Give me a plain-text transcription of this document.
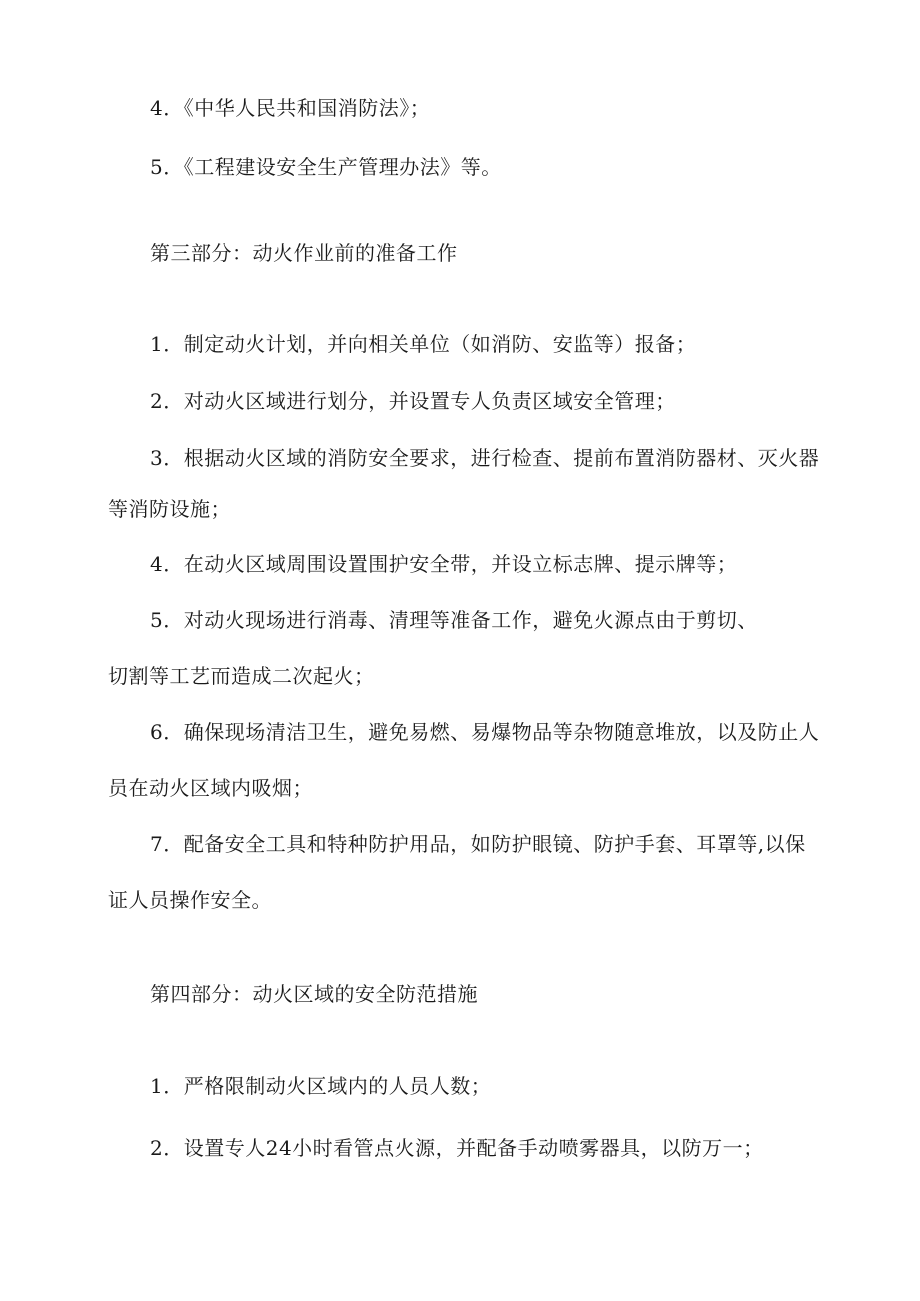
4．《中华人民共和国消防法》；
5．《工程建设安全生产管理办法》等。
第三部分：动火作业前的准备工作
1．制定动火计划，并向相关单位（如消防、安监等）报备；
2．对动火区域进行划分，并设置专人负责区域安全管理；
3．根据动火区域的消防安全要求，进行检查、提前布置消防器材、灭火器
等消防设施；
4．在动火区域周围设置围护安全带，并设立标志牌、提示牌等；
5．对动火现场进行消毒、清理等准备工作，避免火源点由于剪切、
切割等工艺而造成二次起火；
6．确保现场清洁卫生，避免易燃、易爆物品等杂物随意堆放，以及防止人
员在动火区域内吸烟；
7．配备安全工具和特种防护用品，如防护眼镜、防护手套、耳罩等,以保
证人员操作安全。
第四部分：动火区域的安全防范措施
1．严格限制动火区域内的人员人数；
2．设置专人24小时看管点火源，并配备手动喷雾器具，以防万一；
